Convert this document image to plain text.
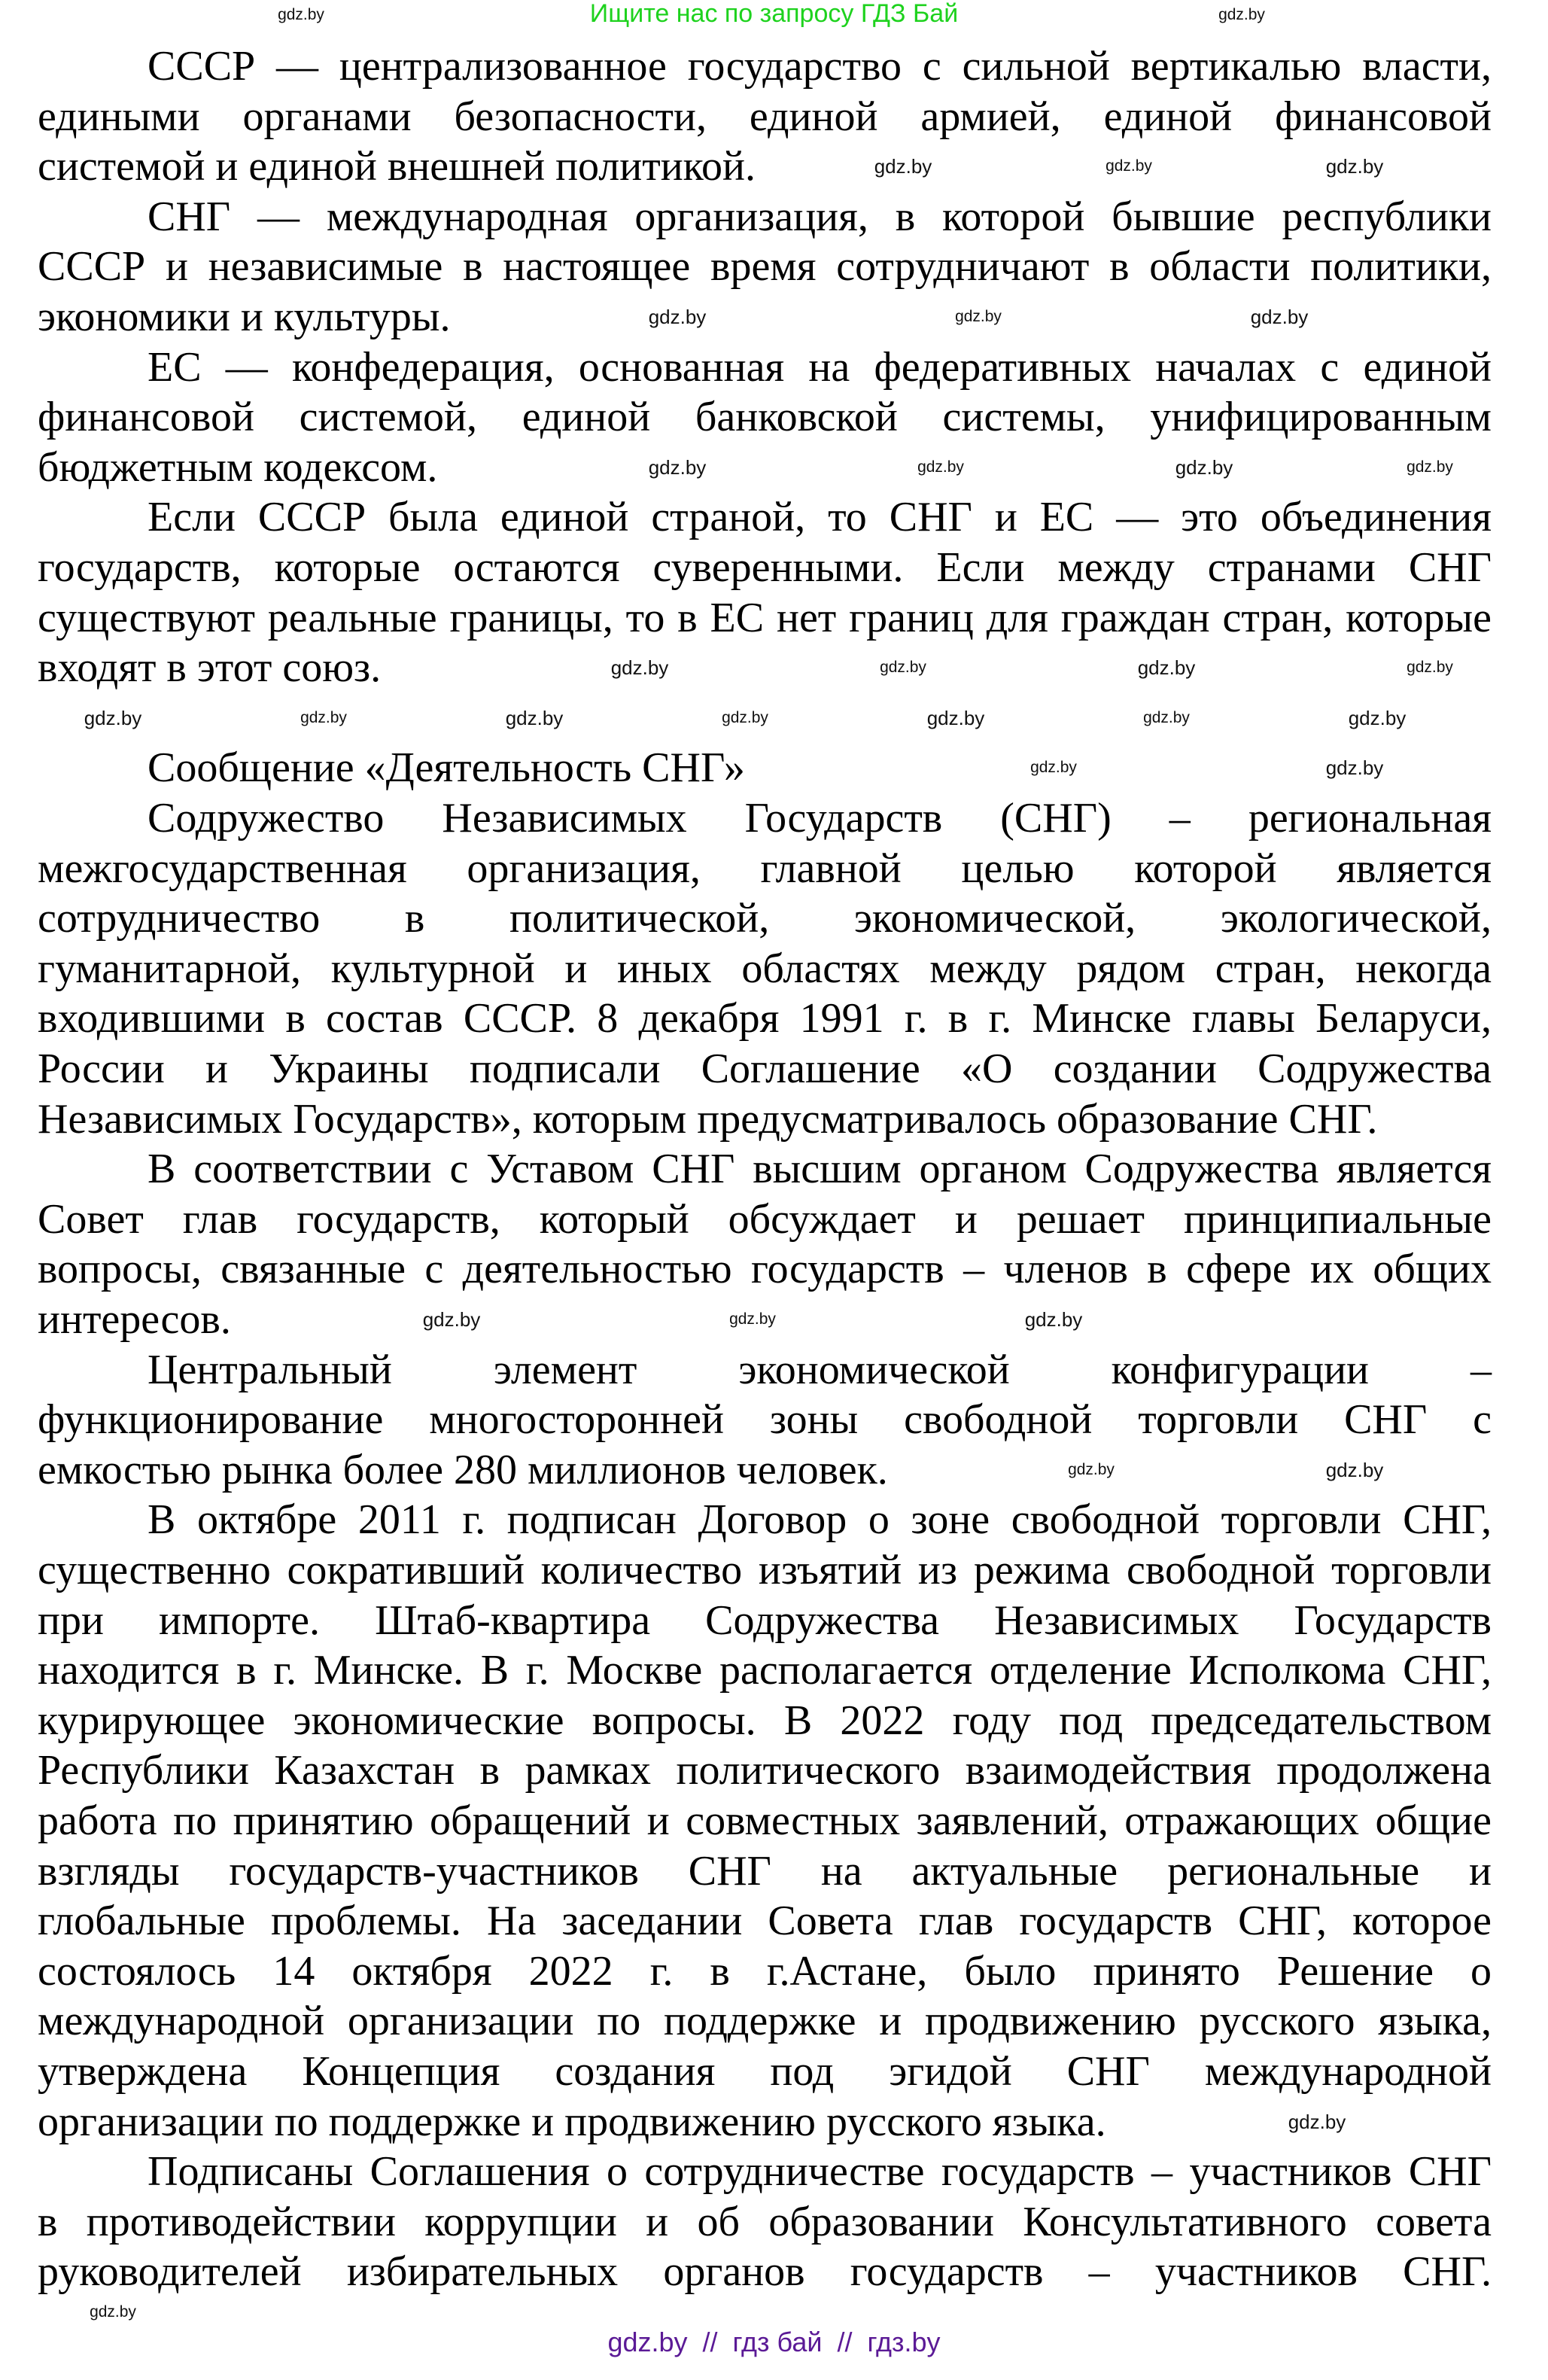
Ищите нас по запросу ГДЗ Бай
СССР — централизованное государство с сильной вертикалью власти,
едиными органами безопасности, единой армией, единой финансовой
системой и единой внешней политикой.
СНГ — международная организация, в которой бывшие республики
СССР и независимые в настоящее время сотрудничают в области политики,
экономики и культуры.
ЕС — конфедерация, основанная на федеративных началах с единой
финансовой системой, единой банковской системы, унифицированным
бюджетным кодексом.
Если СССР была единой страной, то СНГ и ЕС — это объединения
государств, которые остаются суверенными. Если между странами СНГ
существуют реальные границы, то в ЕС нет границ для граждан стран, которые
входят в этот союз.
Сообщение «Деятельность СНГ»
Содружество Независимых Государств (СНГ) – региональная
межгосударственная организация, главной целью которой является
сотрудничество в политической, экономической, экологической,
гуманитарной, культурной и иных областях между рядом стран, некогда
входившими в состав СССР. 8 декабря 1991 г. в г. Минске главы Беларуси,
России и Украины подписали Соглашение «О создании Содружества
Независимых Государств», которым предусматривалось образование СНГ.
В соответствии с Уставом СНГ высшим органом Содружества является
Совет глав государств, который обсуждает и решает принципиальные
вопросы, связанные с деятельностью государств – членов в сфере их общих
интересов.
Центральный элемент экономической конфигурации –
функционирование многосторонней зоны свободной торговли СНГ с
емкостью рынка более 280 миллионов человек.
В октябре 2011 г. подписан Договор о зоне свободной торговли СНГ,
существенно сокративший количество изъятий из режима свободной торговли
при импорте. Штаб-квартира Содружества Независимых Государств
находится в г. Минске. В г. Москве располагается отделение Исполкома СНГ,
курирующее экономические вопросы. В 2022 году под председательством
Республики Казахстан в рамках политического взаимодействия продолжена
работа по принятию обращений и совместных заявлений, отражающих общие
взгляды государств-участников СНГ на актуальные региональные и
глобальные проблемы. На заседании Совета глав государств СНГ, которое
состоялось 14 октября 2022 г. в г.Астане, было принято Решение о
международной организации по поддержке и продвижению русского языка,
утверждена Концепция создания под эгидой СНГ международной
организации по поддержке и продвижению русского языка.
Подписаны Соглашения о сотрудничестве государств – участников СНГ
в противодействии коррупции и об образовании Консультативного совета
руководителей избирательных органов государств – участников СНГ.
gdz.by	gdz.by
gdz.by	gdz.by	gdz.by
gdz.by	gdz.by	gdz.by
gdz.by	gdz.by	gdz.by	gdz.by
gdz.by	gdz.by	gdz.by	gdz.by
gdz.by	gdz.by	gdz.by	gdz.by	gdz.by	gdz.by	gdz.by
gdz.by	gdz.by
gdz.by	gdz.by	gdz.by
gdz.by	gdz.by
gdz.by
gdz.by
gdz.by  //  гдз бай  //  гдз.by
